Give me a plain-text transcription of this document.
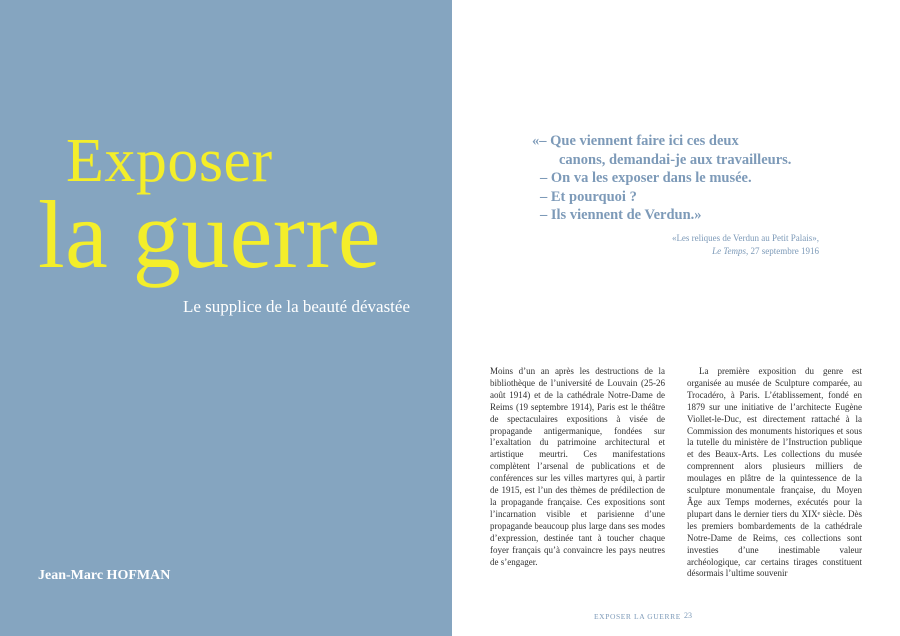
Exposer
la guerre
Le supplice de la beauté dévastée
Jean-Marc HOFMAN
«– Que viennent faire ici ces deux
canons, demandai-je aux travailleurs.
– On va les exposer dans le musée.
– Et pourquoi ?
– Ils viennent de Verdun.»
«Les reliques de Verdun au Petit Palais»,
Le Temps, 27 septembre 1916

Moins d’un an après les destructions de la bibliothèque de l’université de Louvain (25-26 août 1914) et de la cathédrale Notre-Dame de Reims (19 septembre 1914), Paris est le théâtre de spectaculaires expositions à visée de propagande antigermanique, fondées sur l’exaltation du patrimoine architectural et artistique meurtri. Ces manifestations complètent l’arsenal de publications et de conférences sur les villes martyres qui, à partir de 1915, est l’un des thèmes de prédilection de la propagande française. Ces expositions sont l’incarnation visible et parisienne d’une propagande beaucoup plus large dans ses modes d’expression, destinée tant à toucher chaque foyer français qu’à convaincre les pays neutres de s’engager.

La première exposition du genre est organisée au musée de Sculpture comparée, au Trocadéro, à Paris. L’établissement, fondé en 1879 sur une initiative de l’architecte Eugène Viollet-le-Duc, est directement rattaché à la Commission des monuments historiques et sous la tutelle du ministère de l’Instruction publique et des Beaux-Arts. Les collections du musée comprennent alors plusieurs milliers de moulages en plâtre de la quintessence de la sculpture monumentale française, du Moyen Âge aux Temps modernes, exécutés pour la plupart dans le dernier tiers du XIXᵉ siècle. Dès les premiers bombardements de la cathédrale Notre-Dame de Reims, ces collections sont investies d’une inestimable valeur archéologique, car certains tirages constituent désormais l’ultime souvenir

EXPOSER LA GUERRE 23
